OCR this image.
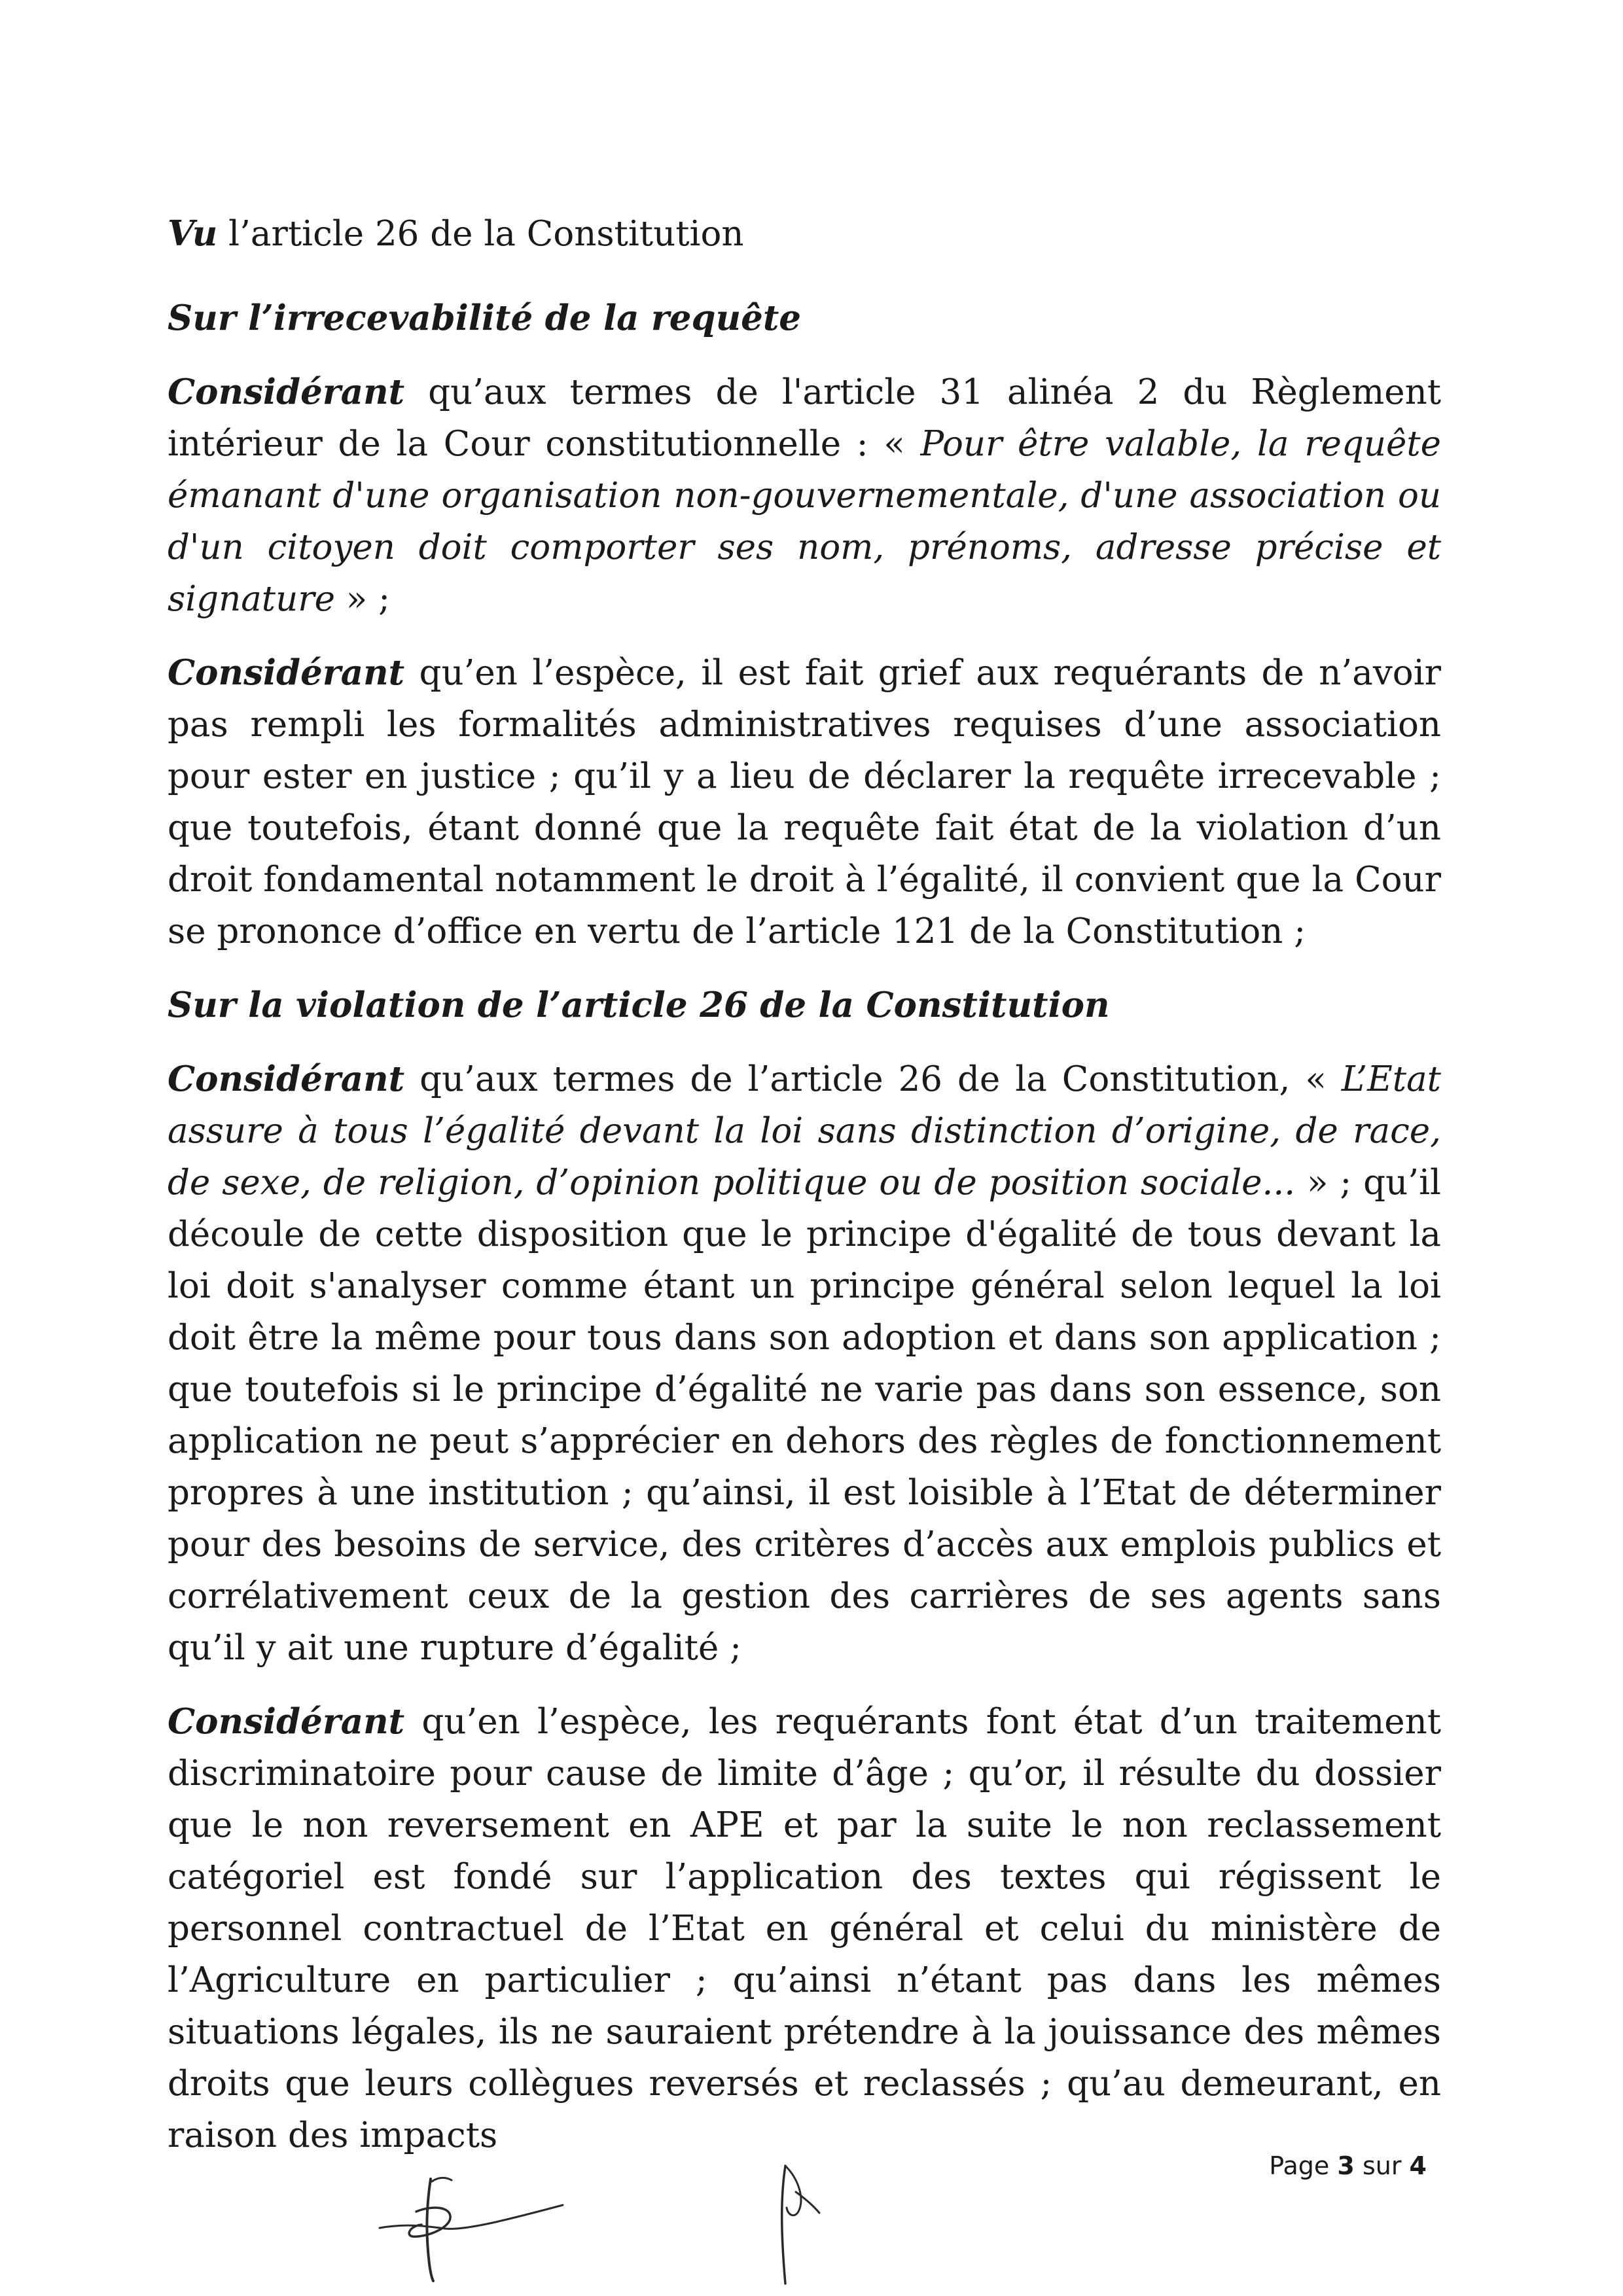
Vu l’article 26 de la Constitution

Sur l’irrecevabilité de la requête

Considérant qu’aux termes de l'article 31 alinéa 2 du Règlement intérieur de la Cour constitutionnelle : « Pour être valable, la requête émanant d'une organisation non-gouvernementale, d'une association ou d'un citoyen doit comporter ses nom, prénoms, adresse précise et signature » ;

Considérant qu’en l’espèce, il est fait grief aux requérants de n’avoir pas rempli les formalités administratives requises d’une association pour ester en justice ; qu’il y a lieu de déclarer la requête irrecevable ; que toutefois, étant donné que la requête fait état de la violation d’un droit fondamental notamment le droit à l’égalité, il convient que la Cour se prononce d’office en vertu de l’article 121 de la Constitution ;

Sur la violation de l’article 26 de la Constitution

Considérant qu’aux termes de l’article 26 de la Constitution, « L’Etat assure à tous l’égalité devant la loi sans distinction d’origine, de race, de sexe, de religion, d’opinion politique ou de position sociale... » ; qu’il découle de cette disposition que le principe d'égalité de tous devant la loi doit s'analyser comme étant un principe général selon lequel la loi doit être la même pour tous dans son adoption et dans son application ; que toutefois si le principe d’égalité ne varie pas dans son essence, son application ne peut s’apprécier en dehors des règles de fonctionnement propres à une institution ; qu’ainsi, il est loisible à l’Etat de déterminer pour des besoins de service, des critères d’accès aux emplois publics et corrélativement ceux de la gestion des carrières de ses agents sans qu’il y ait une rupture d’égalité ;

Considérant qu’en l’espèce, les requérants font état d’un traitement discriminatoire pour cause de limite d’âge ; qu’or, il résulte du dossier que le non reversement en APE et par la suite le non reclassement catégoriel est fondé sur l’application des textes qui régissent le personnel contractuel de l’Etat en général et celui du ministère de l’Agriculture en particulier ; qu’ainsi n’étant pas dans les mêmes situations légales, ils ne sauraient prétendre à la jouissance des mêmes droits que leurs collègues reversés et reclassés ; qu’au demeurant, en raison des impacts

Page 3 sur 4
